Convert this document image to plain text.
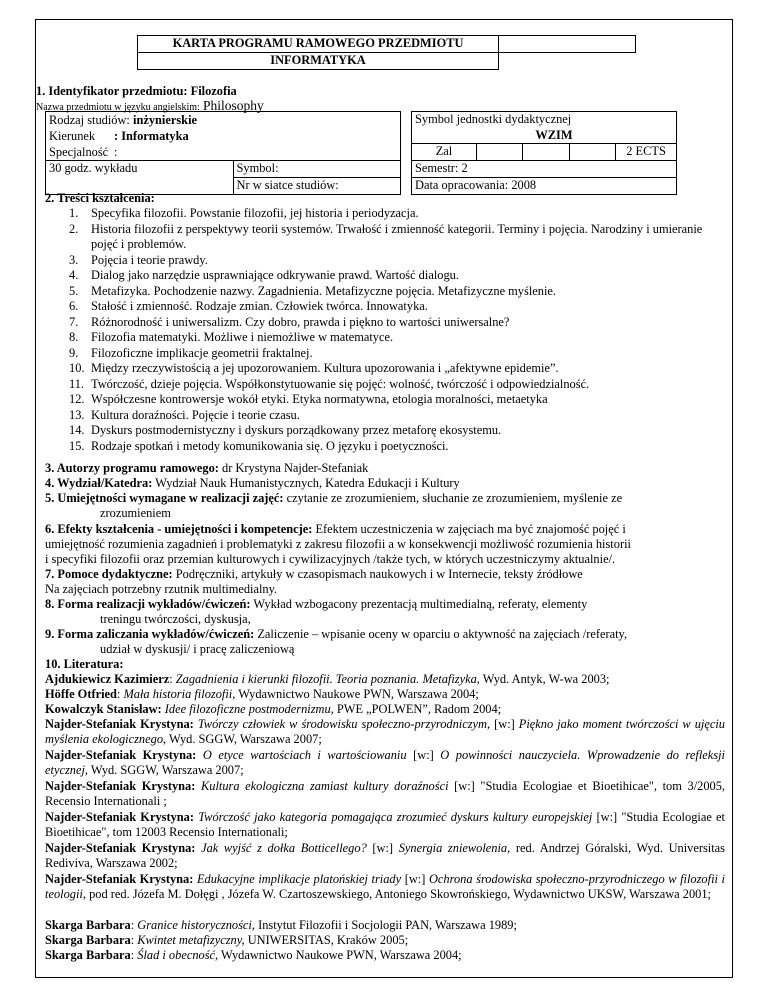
KARTA PROGRAMU RAMOWEGO PRZEDMIOTU	
INFORMATYKA	
1. Identyfikator przedmiotu: Filozofia
Nazwa przedmiotu w języku angielskim: Philosophy
Rodzaj studiów: inżynierskie
Kierunek : Informatyka
Specjalność :			Symbol jednostki dydaktycznej

WZIM				

			Zal				2 ECTS
30 godz. wykładu	Symbol:		Semestr: 2				
	Nr w siatce studiów:		Data opracowania: 2008				
2. Treści kształcenia:
1.	Specyfika filozofii. Powstanie filozofii, jej historia i periodyzacja.
2.	Historia filozofii z perspektywy teorii systemów. Trwałość i zmienność kategorii. Terminy i pojęcia. Narodziny i umieranie pojęć i problemów.
3.	Pojęcia i teorie prawdy.
4.	Dialog jako narzędzie usprawniające odkrywanie prawd. Wartość dialogu.
5.	Metafizyka. Pochodzenie nazwy. Zagadnienia. Metafizyczne pojęcia. Metafizyczne myślenie.
6.	Stałość i zmienność. Rodzaje zmian. Człowiek twórca. Innowatyka.
7.	Różnorodność i uniwersalizm. Czy dobro, prawda i piękno to wartości uniwersalne?
8.	Filozofia matematyki. Możliwe i niemożliwe w matematyce.
9.	Filozoficzne implikacje geometrii fraktalnej.
10. Między rzeczywistością a jej upozorowaniem. Kultura upozorowania i „afektywne epidemie”.
11. Twórczość, dzieje pojęcia. Współkonstytuowanie się pojęć: wolność, twórczość i odpowiedzialność.
12. Współczesne kontrowersje wokół etyki. Etyka normatywna, etologia moralności, metaetyka
13. Kultura doraźności. Pojęcie i teorie czasu.
14. Dyskurs postmodernistyczny i dyskurs porządkowany przez metaforę ekosystemu.
15. Rodzaje spotkań i metody komunikowania się. O języku i poetyczności.
3. Autorzy programu ramowego: dr Krystyna Najder-Stefaniak
4. Wydział/Katedra: Wydział Nauk Humanistycznych, Katedra Edukacji i Kultury
5. Umiejętności wymagane w realizacji zajęć: czytanie ze zrozumieniem, słuchanie ze zrozumieniem, myślenie ze
zrozumieniem
6. Efekty kształcenia - umiejętności i kompetencje: Efektem uczestniczenia w zajęciach ma być znajomość pojęć i
umiejętność rozumienia zagadnień i problematyki z zakresu filozofii a w konsekwencji możliwość rozumienia historii
i specyfiki filozofii oraz przemian kulturowych i cywilizacyjnych /także tych, w których uczestniczymy aktualnie/.
7. Pomoce dydaktyczne: Podręczniki, artykuły w czasopismach naukowych i w Internecie, teksty źródłowe
Na zajęciach potrzebny rzutnik multimedialny.
8. Forma realizacji wykładów/ćwiczeń: Wykład wzbogacony prezentacją multimedialną, referaty, elementy
treningu twórczości, dyskusja,
9. Forma zaliczania wykładów/ćwiczeń: Zaliczenie – wpisanie oceny w oparciu o aktywność na zajęciach /referaty,
udział w dyskusji/ i pracę zaliczeniową
10. Literatura:
Ajdukiewicz Kazimierz: Zagadnienia i kierunki filozofii. Teoria poznania. Metafizyka, Wyd. Antyk, W-wa 2003;
Höffe Otfried: Mała historia filozofii, Wydawnictwo Naukowe PWN, Warszawa 2004;
Kowalczyk Stanisław: Idee filozoficzne postmodernizmu, PWE „POLWEN”, Radom 2004;
Najder-Stefaniak Krystyna: Twórczy człowiek w środowisku społeczno-przyrodniczym, [w:] Piękno jako moment twórczości w ujęciu myślenia ekologicznego, Wyd. SGGW, Warszawa 2007;
Najder-Stefaniak Krystyna: O etyce wartościach i wartościowaniu [w:] O powinności nauczyciela. Wprowadzenie do refleksji etycznej, Wyd. SGGW, Warszawa 2007;
Najder-Stefaniak Krystyna: Kultura ekologiczna zamiast kultury doraźności [w:] "Studia Ecologiae et Bioetihicae", tom 3/2005, Recensio Internationali ;
Najder-Stefaniak Krystyna: Twórczość jako kategoria pomagająca zrozumieć dyskurs kultury europejskiej [w:] "Studia Ecologiae et Bioetihicae", tom 12003 Recensio Internationali;
Najder-Stefaniak Krystyna: Jak wyjść z dołka Botticellego? [w:] Synergia zniewolenia, red. Andrzej Góralski, Wyd. Universitas Rediviva, Warszawa 2002;
Najder-Stefaniak Krystyna: Edukacyjne implikacje platońskiej triady [w:] Ochrona środowiska społeczno-przyrodniczego w filozofii i teologii, pod red. Józefa M. Dołęgi , Józefa W. Czartoszewskiego, Antoniego Skowrońskiego, Wydawnictwo UKSW, Warszawa 2001;
Skarga Barbara: Granice historyczności, Instytut Filozofii i Socjologii PAN, Warszawa 1989;
Skarga Barbara: Kwintet metafizyczny, UNIWERSITAS, Kraków 2005;
Skarga Barbara: Ślad i obecność, Wydawnictwo Naukowe PWN, Warszawa 2004;
